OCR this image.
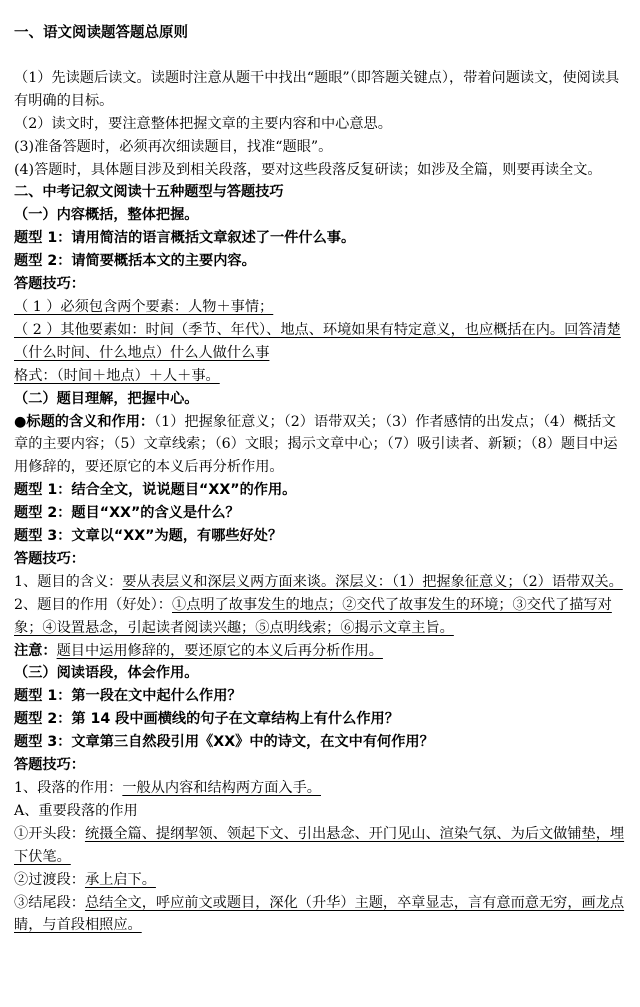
一、语文阅读题答题总原则

（1）先读题后读文。读题时注意从题干中找出“题眼”（即答题关键点），带着问题读文，使阅读具有明确的目标。

（2）读文时，要注意整体把握文章的主要内容和中心意思。

(3)准备答题时，必须再次细读题目，找准“题眼”。

(4)答题时，具体题目涉及到相关段落，要对这些段落反复研读；如涉及全篇，则要再读全文。

二、中考记叙文阅读十五种题型与答题技巧

（一）内容概括，整体把握。

题型 1：请用简洁的语言概括文章叙述了一件什么事。

题型 2：请简要概括本文的主要内容。

答题技巧：

（ 1 ）必须包含两个要素：人物＋事情；

（ 2 ）其他要素如：时间（季节、年代）、地点、环境如果有特定意义，也应概括在内。回答清楚（什么时间、什么地点）什么人做什么事

格式：（时间＋地点）＋人＋事。

（二）题目理解，把握中心。

●标题的含义和作用：（1）把握象征意义；（2）语带双关；（3）作者感情的出发点；（4）概括文章的主要内容；（5）文章线索；（6）文眼；揭示文章中心；（7）吸引读者、新颖；（8）题目中运用修辞的，要还原它的本义后再分析作用。

题型 1：结合全文，说说题目“XX”的作用。

题型 2：题目“XX”的含义是什么？

题型 3：文章以“XX”为题，有哪些好处？

答题技巧：

1、题目的含义：要从表层义和深层义两方面来谈。深层义：（1）把握象征意义；（2）语带双关。

2、题目的作用（好处）：①点明了故事发生的地点；②交代了故事发生的环境；③交代了描写对象；④设置悬念，引起读者阅读兴趣；⑤点明线索；⑥揭示文章主旨。

注意：题目中运用修辞的，要还原它的本义后再分析作用。

（三）阅读语段，体会作用。

题型 1：第一段在文中起什么作用？

题型 2：第 14 段中画横线的句子在文章结构上有什么作用？

题型 3：文章第三自然段引用《XX》中的诗文，在文中有何作用？

答题技巧：

1、段落的作用：一般从内容和结构两方面入手。

A、重要段落的作用

①开头段：统摄全篇、提纲挈领、领起下文、引出悬念、开门见山、渲染气氛、为后文做铺垫，埋下伏笔。

②过渡段：承上启下。

③结尾段：总结全文，呼应前文或题目，深化（升华）主题，卒章显志，言有意而意无穷，画龙点睛，与首段相照应。
